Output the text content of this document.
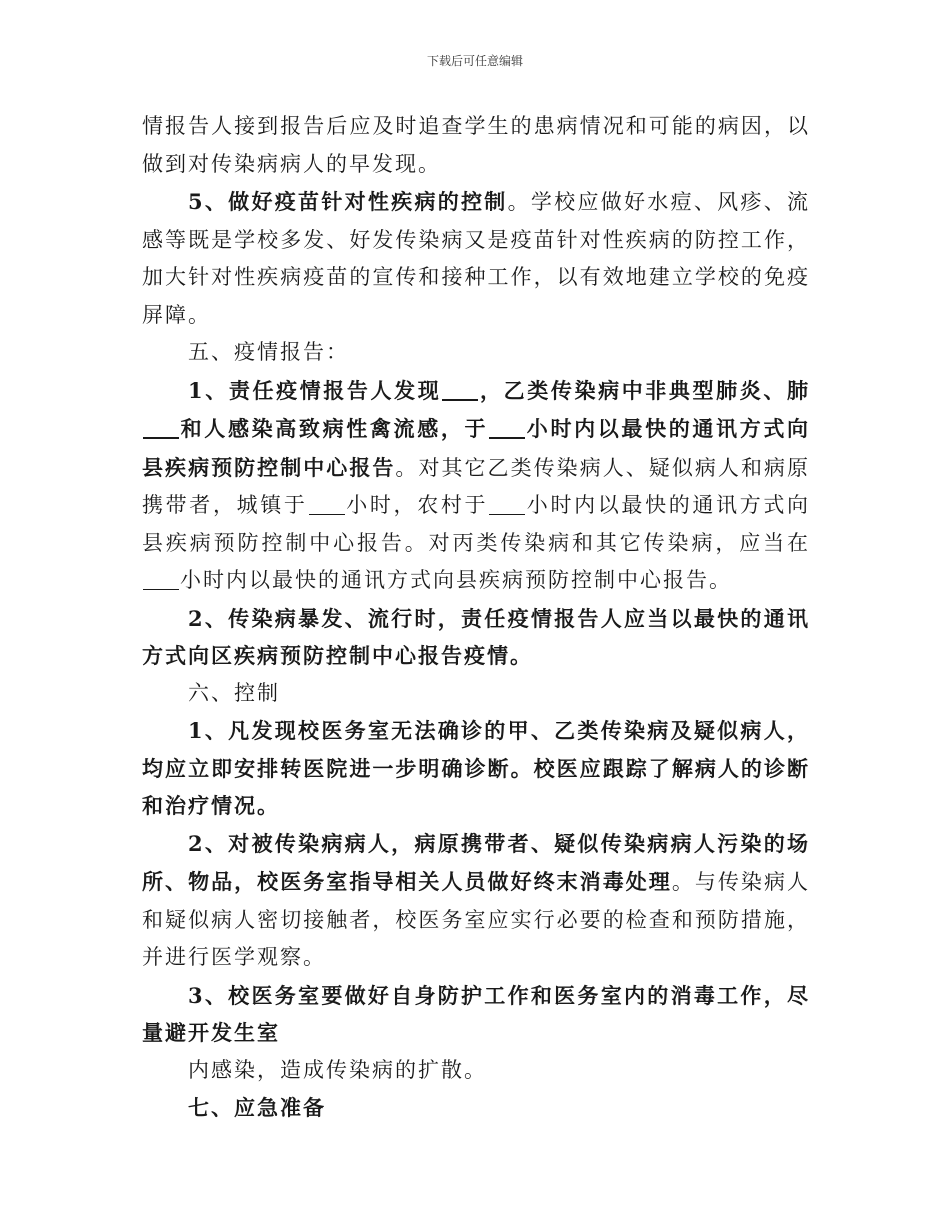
下载后可任意编辑

情报告人接到报告后应及时追查学生的患病情况和可能的病因，以做到对传染病病人的早发现。

5、做好疫苗针对性疾病的控制。学校应做好水痘、风疹、流感等既是学校多发、好发传染病又是疫苗针对性疾病的防控工作，加大针对性疾病疫苗的宣传和接种工作，以有效地建立学校的免疫屏障。

五、疫情报告：

1、责任疫情报告人发现 ，乙类传染病中非典型肺炎、肺和人感染高致病性禽流感，于 小时内以最快的通讯方式向县疾病预防控制中心报告。对其它乙类传染病人、疑似病人和病原携带者，城镇于 小时，农村于 小时内以最快的通讯方式向县疾病预防控制中心报告。对丙类传染病和其它传染病，应当在小时内以最快的通讯方式向县疾病预防控制中心报告。

2、传染病暴发、流行时，责任疫情报告人应当以最快的通讯方式向区疾病预防控制中心报告疫情。

六、控制

1、凡发现校医务室无法确诊的甲、乙类传染病及疑似病人，均应立即安排转医院进一步明确诊断。校医应跟踪了解病人的诊断和治疗情况。

2、对被传染病病人，病原携带者、疑似传染病病人污染的场所、物品，校医务室指导相关人员做好终末消毒处理。与传染病人和疑似病人密切接触者，校医务室应实行必要的检查和预防措施，并进行医学观察。

3、校医务室要做好自身防护工作和医务室内的消毒工作，尽量避开发生室

内感染，造成传染病的扩散。

七、应急准备
